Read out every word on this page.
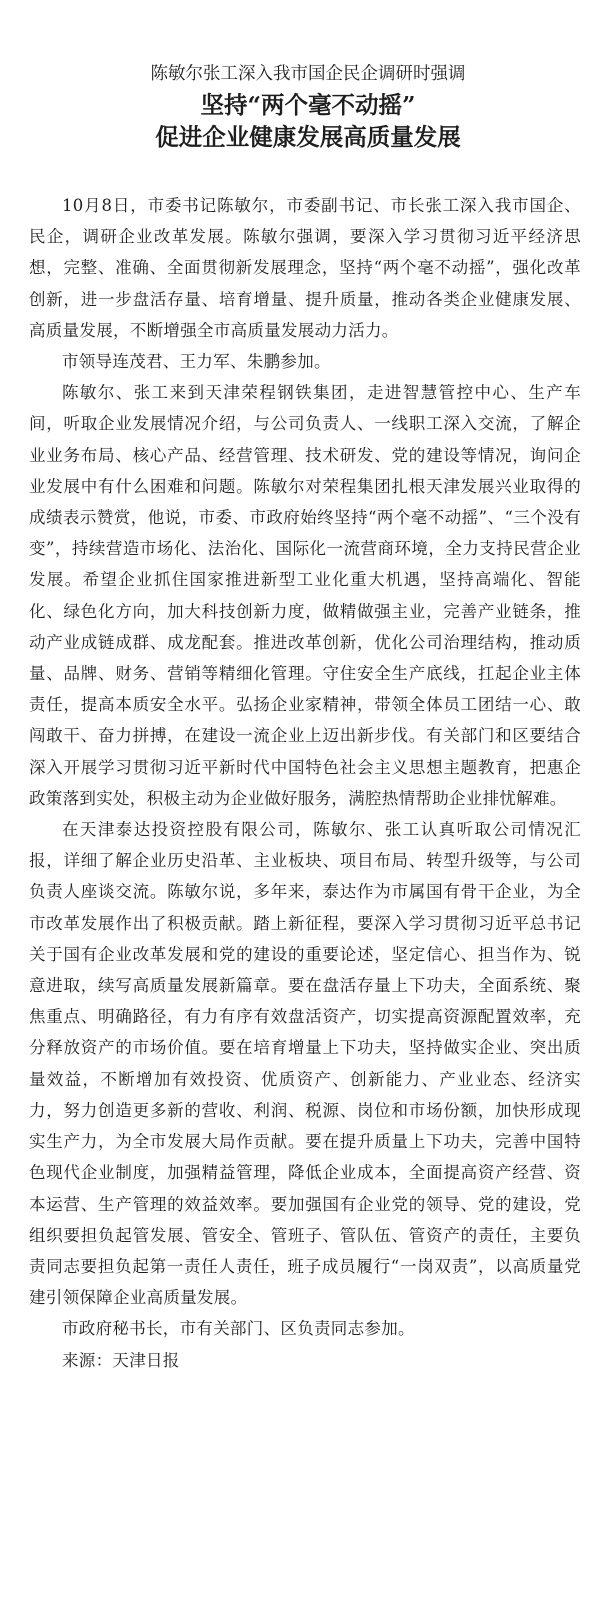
陈敏尔张工深入我市国企民企调研时强调
坚持“两个毫不动摇”
促进企业健康发展高质量发展

10月8日，市委书记陈敏尔，市委副书记、市长张工深入我市国企、民企，调研企业改革发展。陈敏尔强调，要深入学习贯彻习近平经济思想，完整、准确、全面贯彻新发展理念，坚持“两个毫不动摇”，强化改革创新，进一步盘活存量、培育增量、提升质量，推动各类企业健康发展、高质量发展，不断增强全市高质量发展动力活力。

市领导连茂君、王力军、朱鹏参加。

陈敏尔、张工来到天津荣程钢铁集团，走进智慧管控中心、生产车间，听取企业发展情况介绍，与公司负责人、一线职工深入交流，了解企业业务布局、核心产品、经营管理、技术研发、党的建设等情况，询问企业发展中有什么困难和问题。陈敏尔对荣程集团扎根天津发展兴业取得的成绩表示赞赏，他说，市委、市政府始终坚持“两个毫不动摇”、“三个没有变”，持续营造市场化、法治化、国际化一流营商环境，全力支持民营企业发展。希望企业抓住国家推进新型工业化重大机遇，坚持高端化、智能化、绿色化方向，加大科技创新力度，做精做强主业，完善产业链条，推动产业成链成群、成龙配套。推进改革创新，优化公司治理结构，推动质量、品牌、财务、营销等精细化管理。守住安全生产底线，扛起企业主体责任，提高本质安全水平。弘扬企业家精神，带领全体员工团结一心、敢闯敢干、奋力拼搏，在建设一流企业上迈出新步伐。有关部门和区要结合深入开展学习贯彻习近平新时代中国特色社会主义思想主题教育，把惠企政策落到实处，积极主动为企业做好服务，满腔热情帮助企业排忧解难。

在天津泰达投资控股有限公司，陈敏尔、张工认真听取公司情况汇报，详细了解企业历史沿革、主业板块、项目布局、转型升级等，与公司负责人座谈交流。陈敏尔说，多年来，泰达作为市属国有骨干企业，为全市改革发展作出了积极贡献。踏上新征程，要深入学习贯彻习近平总书记关于国有企业改革发展和党的建设的重要论述，坚定信心、担当作为、锐意进取，续写高质量发展新篇章。要在盘活存量上下功夫，全面系统、聚焦重点、明确路径，有力有序有效盘活资产，切实提高资源配置效率，充分释放资产的市场价值。要在培育增量上下功夫，坚持做实企业、突出质量效益，不断增加有效投资、优质资产、创新能力、产业业态、经济实力，努力创造更多新的营收、利润、税源、岗位和市场份额，加快形成现实生产力，为全市发展大局作贡献。要在提升质量上下功夫，完善中国特色现代企业制度，加强精益管理，降低企业成本，全面提高资产经营、资本运营、生产管理的效益效率。要加强国有企业党的领导、党的建设，党组织要担负起管发展、管安全、管班子、管队伍、管资产的责任，主要负责同志要担负起第一责任人责任，班子成员履行“一岗双责”，以高质量党建引领保障企业高质量发展。

市政府秘书长，市有关部门、区负责同志参加。

来源：天津日报
